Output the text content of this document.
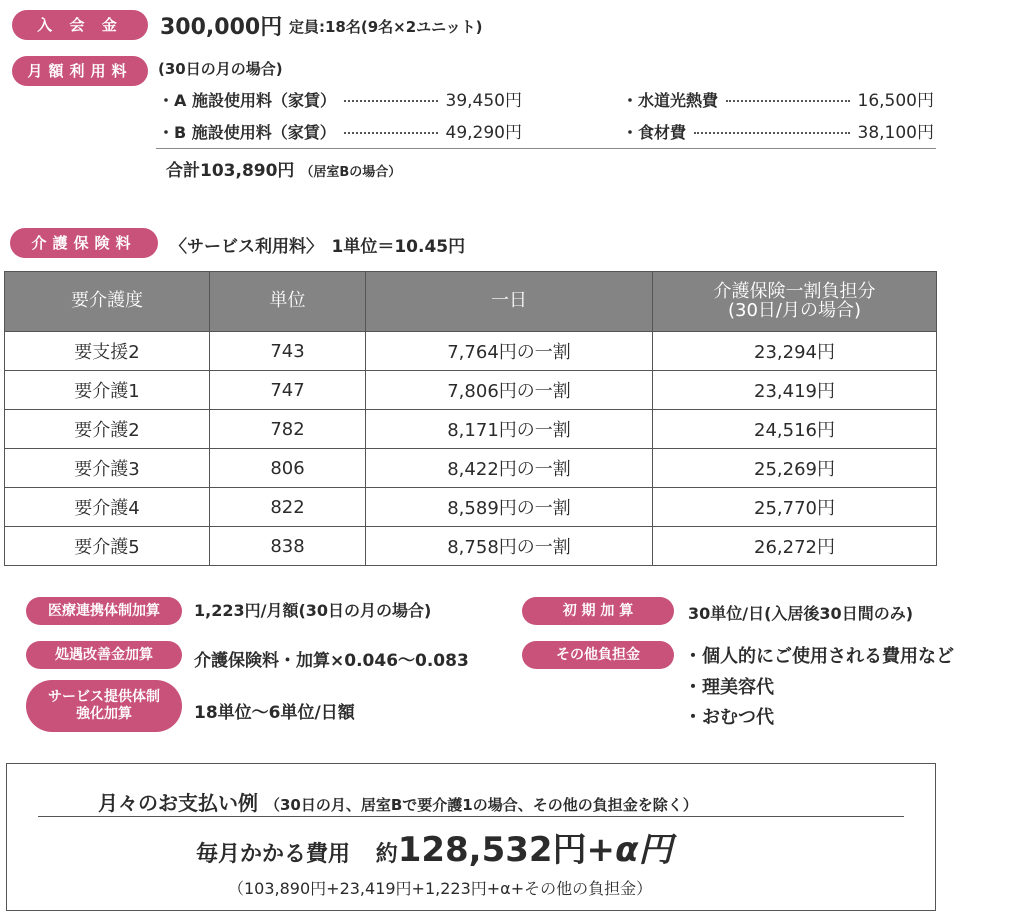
入 会 金	300,000円 定員:18名(9名×2ユニット)
月額利用料	(30日の月の場合)
・A 施設使用料（家賃）	39,450円
・B 施設使用料（家賃）	49,290円
・水道光熱費	16,500円
・食材費	38,100円
合計103,890円 （居室Bの場合）
介護保険料	〈サービス利用料〉　1単位＝10.45円
要介護度	単位	一日	介護保険一割負担分
(30日/月の場合)
要支援2	743	7,764円の一割	23,294円
要介護1	747	7,806円の一割	23,419円
要介護2	782	8,171円の一割	24,516円
要介護3	806	8,422円の一割	25,269円
要介護4	822	8,589円の一割	25,770円
要介護5	838	8,758円の一割	26,272円
医療連携体制加算	1,223円/月額(30日の月の場合)
処遇改善金加算	介護保険料・加算×0.046〜0.083
サービス提供体制
強化加算	18単位〜6単位/日額
初 期 加 算	30単位/日(入居後30日間のみ)
その他負担金	・個人的にご使用される費用など
・理美容代
・おむつ代
月々のお支払い例 （30日の月、居室Bで要介護1の場合、その他の負担金を除く）
毎月かかる費用 約128,532円+α円
（103,890円+23,419円+1,223円+α+その他の負担金）
